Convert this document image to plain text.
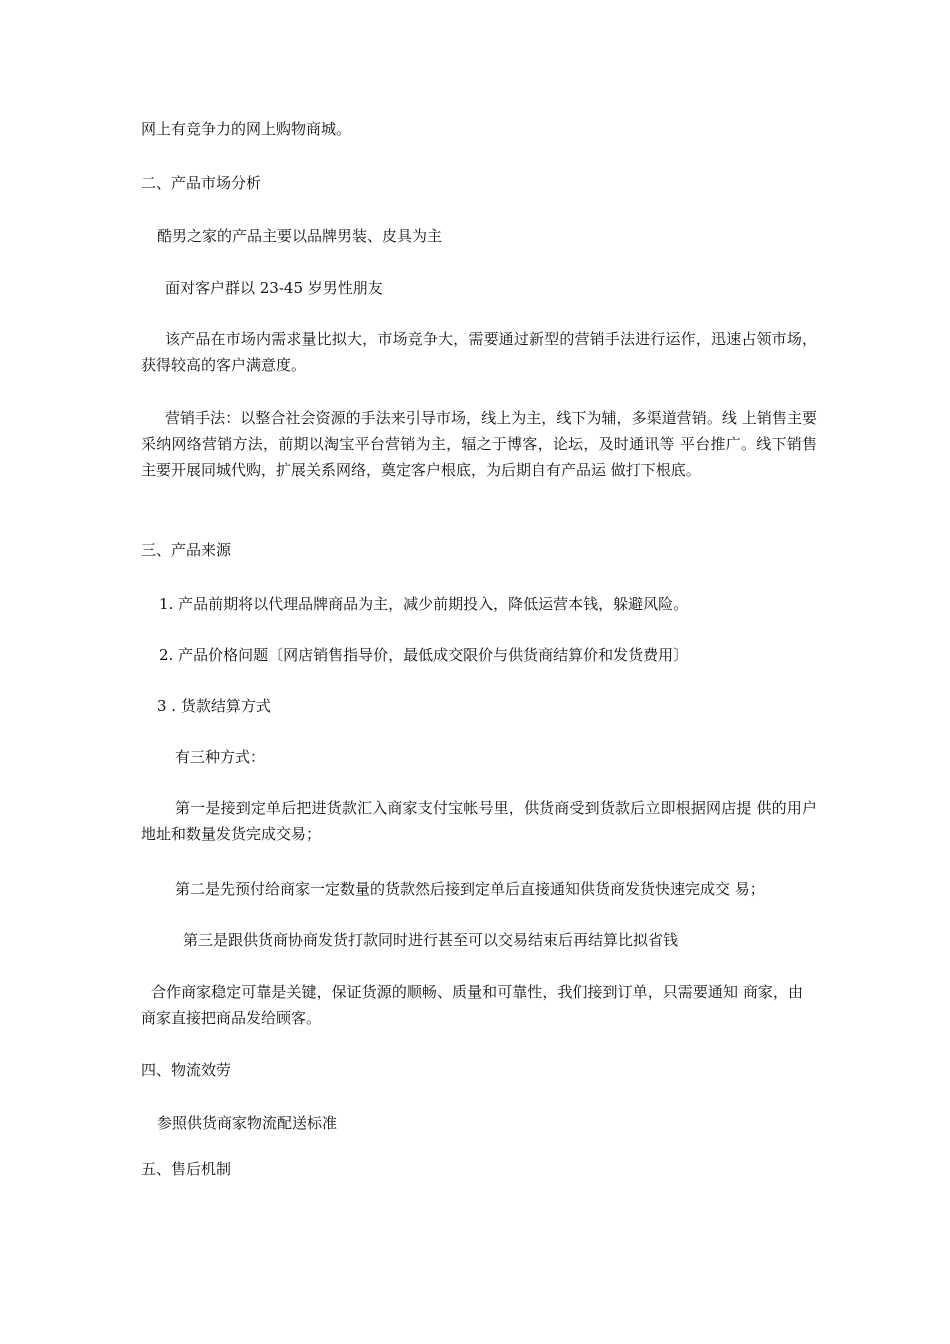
网上有竞争力的网上购物商城。

二、产品市场分析

酷男之家的产品主要以品牌男装、皮具为主

面对客户群以 23-45 岁男性朋友

该产品在市场内需求量比拟大，市场竞争大，需要通过新型的营销手法进行运作，迅速占领市场，获得较高的客户满意度。

营销手法：以整合社会资源的手法来引导市场，线上为主，线下为辅，多渠道营销。线 上销售主要采纳网络营销方法，前期以淘宝平台营销为主，辐之于博客，论坛，及时通讯等 平台推广。线下销售主要开展同城代购，扩展关系网络，奠定客户根底，为后期自有产品运 做打下根底。

三、产品来源

1. 产品前期将以代理品牌商品为主，减少前期投入，降低运营本钱，躲避风险。

2. 产品价格问题〔网店销售指导价，最低成交限价与供货商结算价和发货费用〕

3 . 货款结算方式

有三种方式：

第一是接到定单后把进货款汇入商家支付宝帐号里，供货商受到货款后立即根据网店提 供的用户地址和数量发货完成交易；

第二是先预付给商家一定数量的货款然后接到定单后直接通知供货商发货快速完成交 易；

第三是跟供货商协商发货打款同时进行甚至可以交易结束后再结算比拟省钱

合作商家稳定可靠是关键，保证货源的顺畅、质量和可靠性，我们接到订单，只需要通知 商家，由商家直接把商品发给顾客。

四、物流效劳

参照供货商家物流配送标准

五、售后机制
